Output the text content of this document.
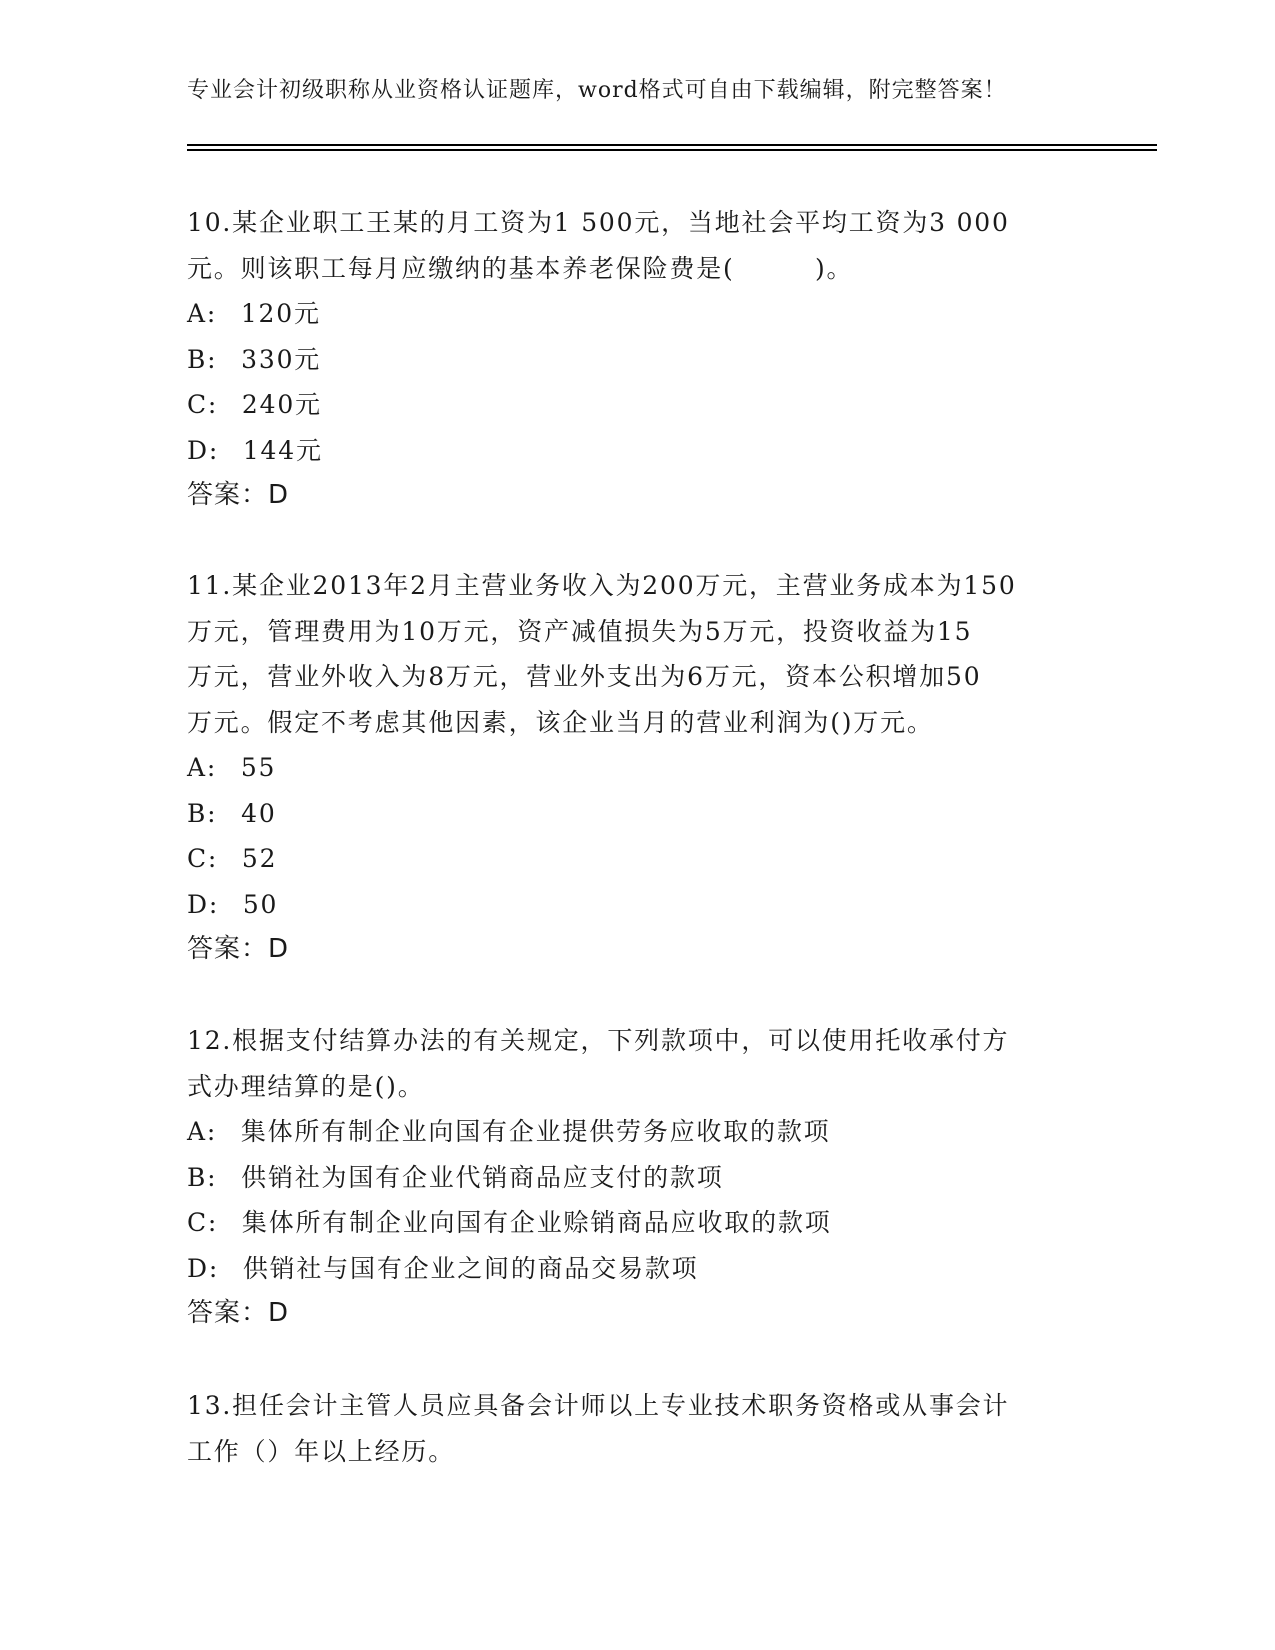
专业会计初级职称从业资格认证题库，word格式可自由下载编辑，附完整答案！
10.某企业职工王某的月工资为1 500元，当地社会平均工资为3 000
元。则该职工每月应缴纳的基本养老保险费是(　　　)。
A: 120元
B: 330元
C: 240元
D: 144元
答案：D
11.某企业2013年2月主营业务收入为200万元，主营业务成本为150
万元，管理费用为10万元，资产减值损失为5万元，投资收益为15
万元，营业外收入为8万元，营业外支出为6万元，资本公积增加50
万元。假定不考虑其他因素，该企业当月的营业利润为()万元。
A: 55
B: 40
C: 52
D: 50
答案：D
12.根据支付结算办法的有关规定，下列款项中，可以使用托收承付方
式办理结算的是()。
A: 集体所有制企业向国有企业提供劳务应收取的款项
B: 供销社为国有企业代销商品应支付的款项
C: 集体所有制企业向国有企业赊销商品应收取的款项
D: 供销社与国有企业之间的商品交易款项
答案：D
13.担任会计主管人员应具备会计师以上专业技术职务资格或从事会计
工作（）年以上经历。
